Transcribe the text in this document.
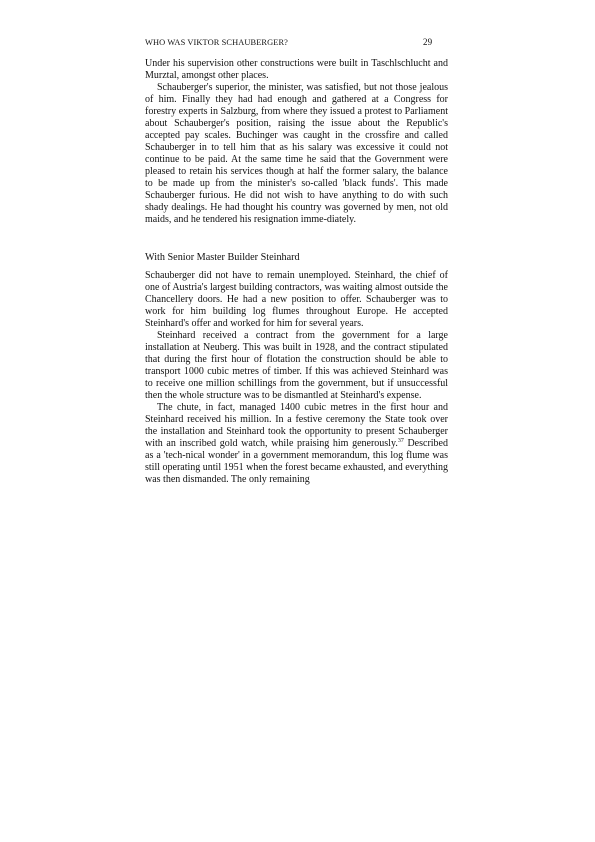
WHO WAS VIKTOR SCHAUBERGER?	29

Under his supervision other constructions were built in Taschlschlucht and Murztal, amongst other places.

Schauberger's superior, the minister, was satisfied, but not those jealous of him. Finally they had had enough and gathered at a Congress for forestry experts in Salzburg, from where they issued a protest to Parliament about Schauberger's position, raising the issue about the Republic's accepted pay scales. Buchinger was caught in the crossfire and called Schauberger in to tell him that as his salary was excessive it could not continue to be paid. At the same time he said that the Government were pleased to retain his services though at half the former salary, the balance to be made up from the minister's so-called 'black funds'. This made Schauberger furious. He did not wish to have anything to do with such shady dealings. He had thought his country was governed by men, not old maids, and he tendered his resignation imme-diately.

With Senior Master Builder Steinhard

Schauberger did not have to remain unemployed. Steinhard, the chief of one of Austria's largest building contractors, was waiting almost outside the Chancellery doors. He had a new position to offer. Schauberger was to work for him building log flumes throughout Europe. He accepted Steinhard's offer and worked for him for several years.

Steinhard received a contract from the government for a large installation at Neuberg. This was built in 1928, and the contract stipulated that during the first hour of flotation the construction should be able to transport 1000 cubic metres of timber. If this was achieved Steinhard was to receive one million schillings from the government, but if unsuccessful then the whole structure was to be dismantled at Steinhard's expense.

The chute, in fact, managed 1400 cubic metres in the first hour and Steinhard received his million. In a festive ceremony the State took over the installation and Steinhard took the opportunity to present Schauberger with an inscribed gold watch, while praising him generously.$^{37}$ Described as a 'tech-nical wonder' in a government memorandum, this log flume was still operating until 1951 when the forest became exhausted, and everything was then dismanded. The only remaining
